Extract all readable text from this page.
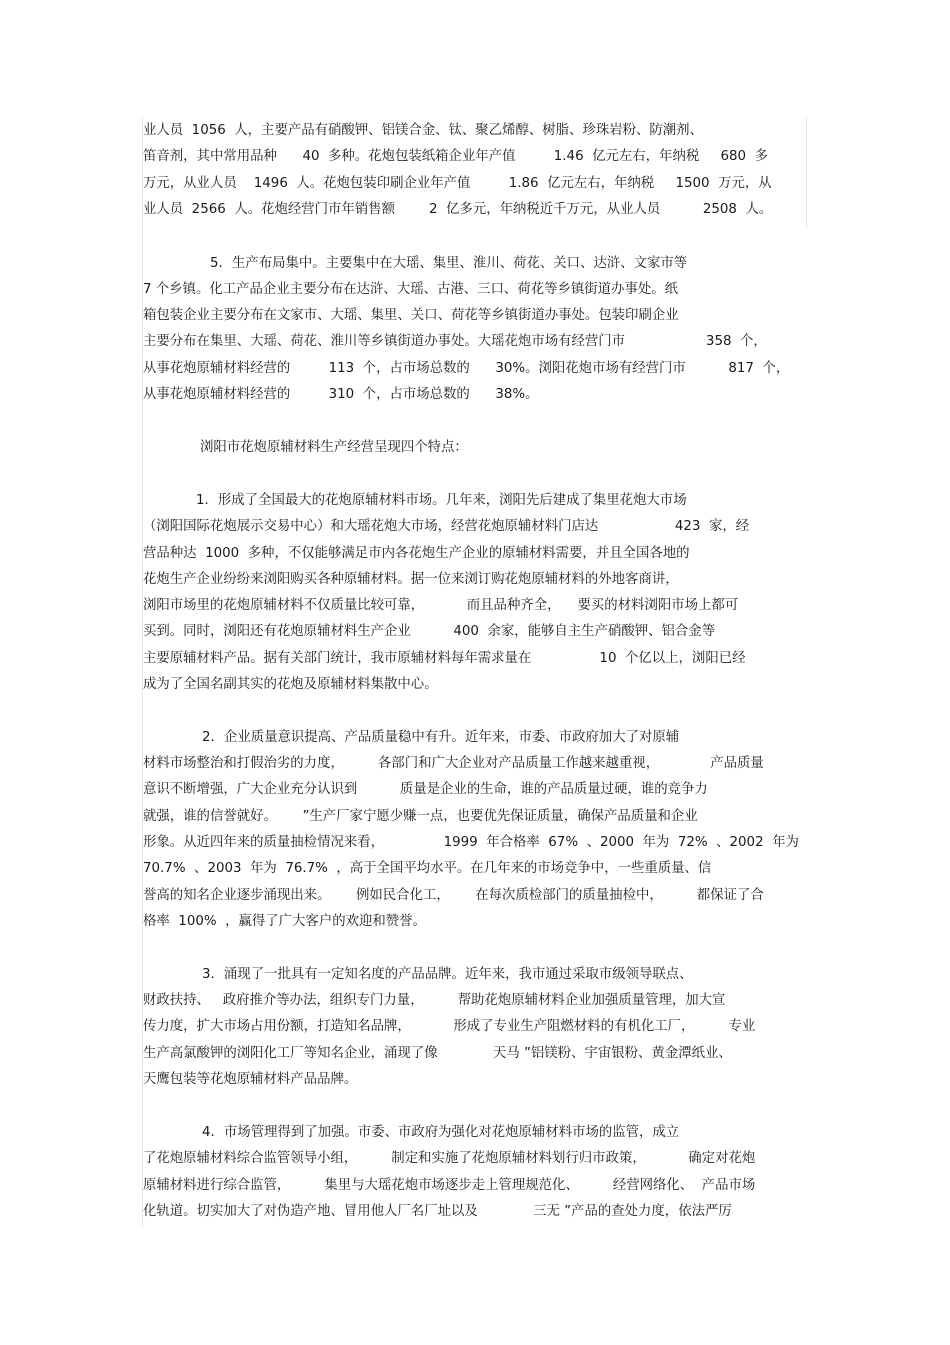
业人员  1056  人，主要产品有硝酸钾、铝镁合金、钛、聚乙烯醇、树脂、珍珠岩粉、防潮剂、
笛音剂，其中常用品种      40  多种。花炮包装纸箱企业年产值         1.46  亿元左右，年纳税     680  多
万元，从业人员    1496  人。花炮包装印刷企业年产值         1.86  亿元左右，年纳税     1500  万元，从
业人员  2566  人。花炮经营门市年销售额        2  亿多元，年纳税近千万元，从业人员          2508  人。
5．生产布局集中。主要集中在大瑶、集里、淮川、荷花、关口、达浒、文家市等
7 个乡镇。化工产品企业主要分布在达浒、大瑶、古港、三口、荷花等乡镇街道办事处。纸
箱包装企业主要分布在文家市、大瑶、集里、关口、荷花等乡镇街道办事处。包装印刷企业
主要分布在集里、大瑶、荷花、淮川等乡镇街道办事处。大瑶花炮市场有经营门市                   358  个，
从事花炮原辅材料经营的         113  个，占市场总数的      30%。浏阳花炮市场有经营门市          817  个，
从事花炮原辅材料经营的         310  个，占市场总数的      38%。
浏阳市花炮原辅材料生产经营呈现四个特点：
1．形成了全国最大的花炮原辅材料市场。几年来，浏阳先后建成了集里花炮大市场
（浏阳国际花炮展示交易中心）和大瑶花炮大市场，经营花炮原辅材料门店达                  423  家，经
营品种达  1000  多种，不仅能够满足市内各花炮生产企业的原辅材料需要，并且全国各地的
花炮生产企业纷纷来浏阳购买各种原辅材料。据一位来浏订购花炮原辅材料的外地客商讲，
浏阳市场里的花炮原辅材料不仅质量比较可靠，          而且品种齐全，    要买的材料浏阳市场上都可
买到。同时，浏阳还有花炮原辅材料生产企业          400  余家，能够自主生产硝酸钾、铝合金等
主要原辅材料产品。据有关部门统计，我市原辅材料每年需求量在                10  个亿以上，浏阳已经
成为了全国名副其实的花炮及原辅材料集散中心。
2．企业质量意识提高、产品质量稳中有升。近年来，市委、市政府加大了对原辅
材料市场整治和打假治劣的力度，        各部门和广大企业对产品质量工作越来越重视，            产品质量
意识不断增强，广大企业充分认识到          质量是企业的生命，谁的产品质量过硬，谁的竞争力
就强，谁的信誉就好。      ”生产厂家宁愿少赚一点，也要优先保证质量，确保产品质量和企业
形象。从近四年来的质量抽检情况来看，              1999  年合格率  67%  、2000  年为  72%  、2002  年为
70.7%  、2003  年为  76.7%  ，高于全国平均水平。在几年来的市场竞争中，一些重质量、信
誉高的知名企业逐步涌现出来。      例如民合化工，      在每次质检部门的质量抽检中，        都保证了合
格率  100%  ，赢得了广大客户的欢迎和赞誉。
3．涌现了一批具有一定知名度的产品品牌。近年来，我市通过采取市级领导联点、
财政扶持、   政府推介等办法，组织专门力量，        帮助花炮原辅材料企业加强质量管理，加大宣
传力度，扩大市场占用份额，打造知名品牌，          形成了专业生产阻燃材料的有机化工厂，        专业
生产高氯酸钾的浏阳化工厂等知名企业，涌现了像             天马 ”铝镁粉、宇宙银粉、黄金潭纸业、
天鹰包装等花炮原辅材料产品品牌。
4．市场管理得到了加强。市委、市政府为强化对花炮原辅材料市场的监管，成立
了花炮原辅材料综合监管领导小组，        制定和实施了花炮原辅材料划行归市政策，          确定对花炮
原辅材料进行综合监管，        集里与大瑶花炮市场逐步走上管理规范化、        经营网络化、  产品市场
化轨道。切实加大了对伪造产地、冒用他人厂名厂址以及             三无 ”产品的查处力度，依法严厉
